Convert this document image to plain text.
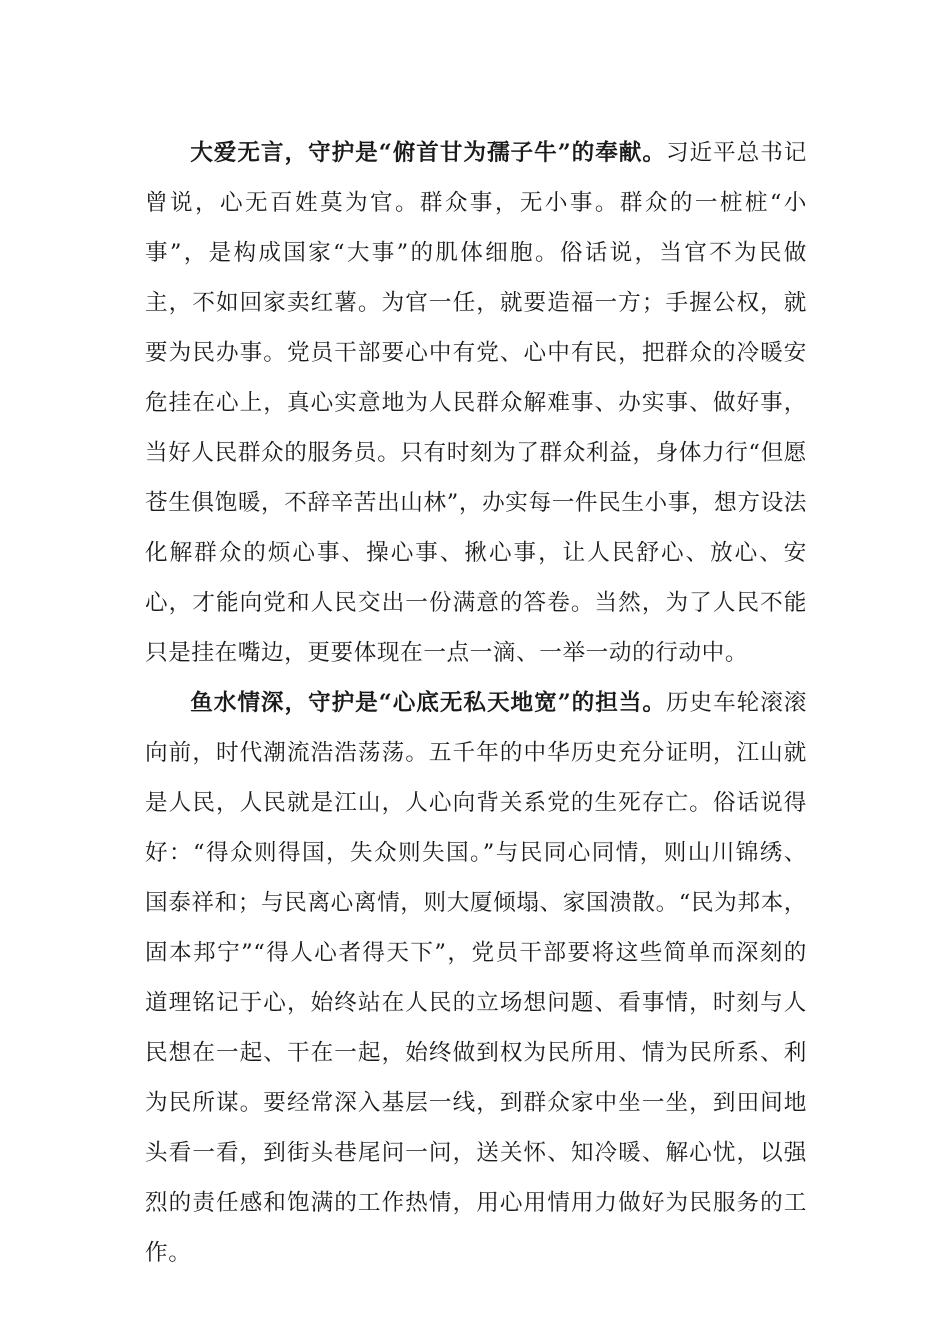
大爱无言，守护是“俯首甘为孺子牛”的奉献。习近平总书记曾说，心无百姓莫为官。群众事，无小事。群众的一桩桩“小事”，是构成国家“大事”的肌体细胞。俗话说，当官不为民做主，不如回家卖红薯。为官一任，就要造福一方；手握公权，就要为民办事。党员干部要心中有党、心中有民，把群众的冷暖安危挂在心上，真心实意地为人民群众解难事、办实事、做好事，当好人民群众的服务员。只有时刻为了群众利益，身体力行“但愿苍生俱饱暖，不辞辛苦出山林”，办实每一件民生小事，想方设法化解群众的烦心事、操心事、揪心事，让人民舒心、放心、安心，才能向党和人民交出一份满意的答卷。当然，为了人民不能只是挂在嘴边，更要体现在一点一滴、一举一动的行动中。

鱼水情深，守护是“心底无私天地宽”的担当。历史车轮滚滚向前，时代潮流浩浩荡荡。五千年的中华历史充分证明，江山就是人民，人民就是江山，人心向背关系党的生死存亡。俗话说得好：“得众则得国，失众则失国。”与民同心同情，则山川锦绣、国泰祥和；与民离心离情，则大厦倾塌、家国溃散。“民为邦本，固本邦宁”“得人心者得天下”，党员干部要将这些简单而深刻的道理铭记于心，始终站在人民的立场想问题、看事情，时刻与人民想在一起、干在一起，始终做到权为民所用、情为民所系、利为民所谋。要经常深入基层一线，到群众家中坐一坐，到田间地头看一看，到街头巷尾问一问，送关怀、知冷暖、解心忧，以强烈的责任感和饱满的工作热情，用心用情用力做好为民服务的工作。
